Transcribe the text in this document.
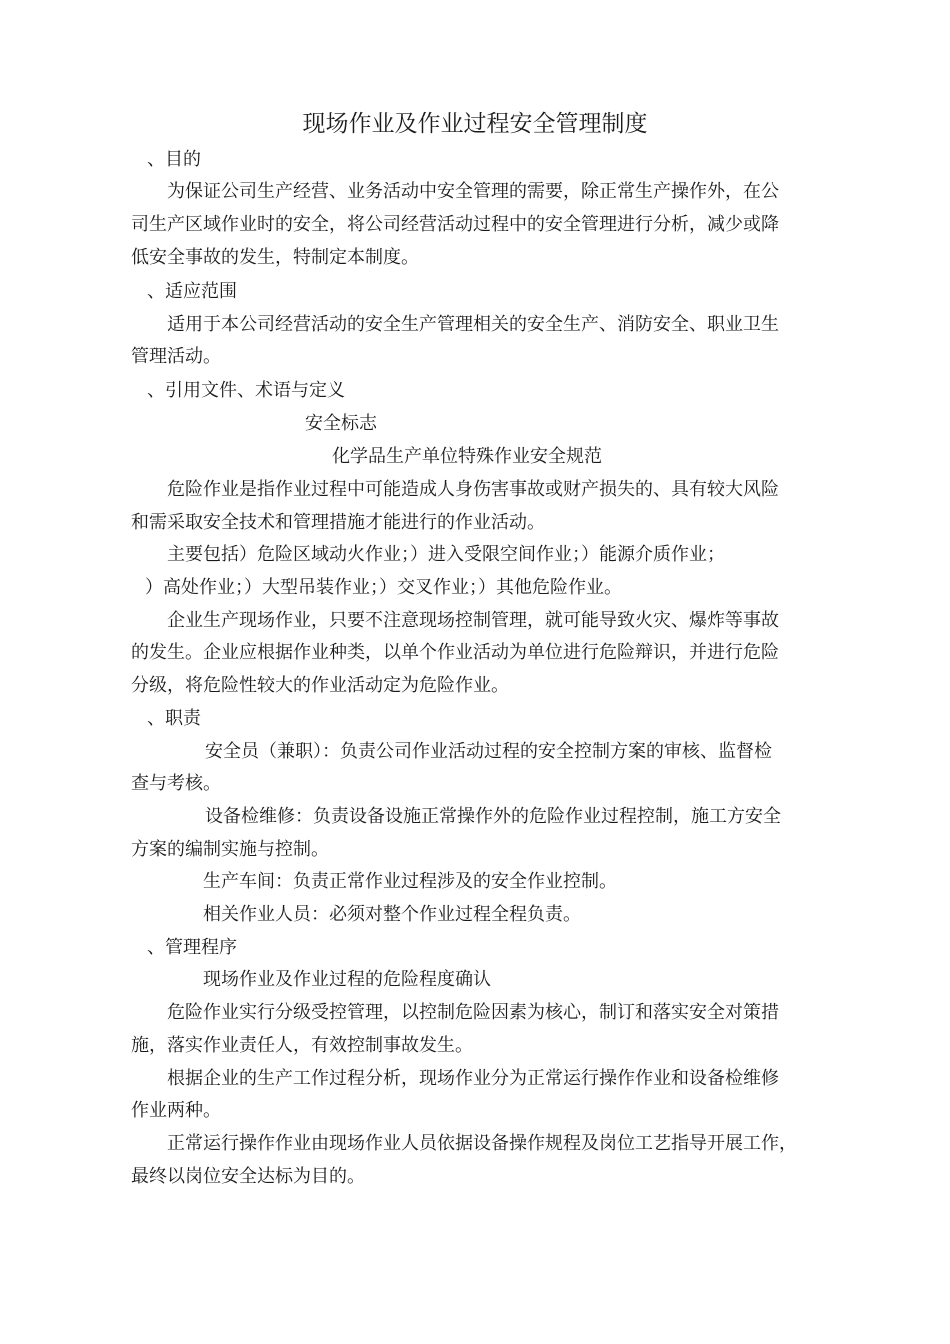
现场作业及作业过程安全管理制度
、目的
为保证公司生产经营、业务活动中安全管理的需要，除正常生产操作外，在公
司生产区域作业时的安全，将公司经营活动过程中的安全管理进行分析，减少或降
低安全事故的发生，特制定本制度。
、适应范围
适用于本公司经营活动的安全生产管理相关的安全生产、消防安全、职业卫生
管理活动。
、引用文件、术语与定义
安全标志
化学品生产单位特殊作业安全规范
危险作业是指作业过程中可能造成人身伤害事故或财产损失的、具有较大风险
和需采取安全技术和管理措施才能进行的作业活动。
主要包括）危险区域动火作业；）进入受限空间作业；）能源介质作业；
）高处作业；）大型吊装作业；）交叉作业；）其他危险作业。
企业生产现场作业，只要不注意现场控制管理，就可能导致火灾、爆炸等事故
的发生。企业应根据作业种类，以单个作业活动为单位进行危险辩识，并进行危险
分级，将危险性较大的作业活动定为危险作业。
、职责
安全员（兼职）：负责公司作业活动过程的安全控制方案的审核、监督检
查与考核。
设备检维修：负责设备设施正常操作外的危险作业过程控制，施工方安全
方案的编制实施与控制。
生产车间：负责正常作业过程涉及的安全作业控制。
相关作业人员：必须对整个作业过程全程负责。
、管理程序
现场作业及作业过程的危险程度确认
危险作业实行分级受控管理，以控制危险因素为核心，制订和落实安全对策措
施，落实作业责任人，有效控制事故发生。
根据企业的生产工作过程分析，现场作业分为正常运行操作作业和设备检维修
作业两种。
正常运行操作作业由现场作业人员依据设备操作规程及岗位工艺指导开展工作，
最终以岗位安全达标为目的。
